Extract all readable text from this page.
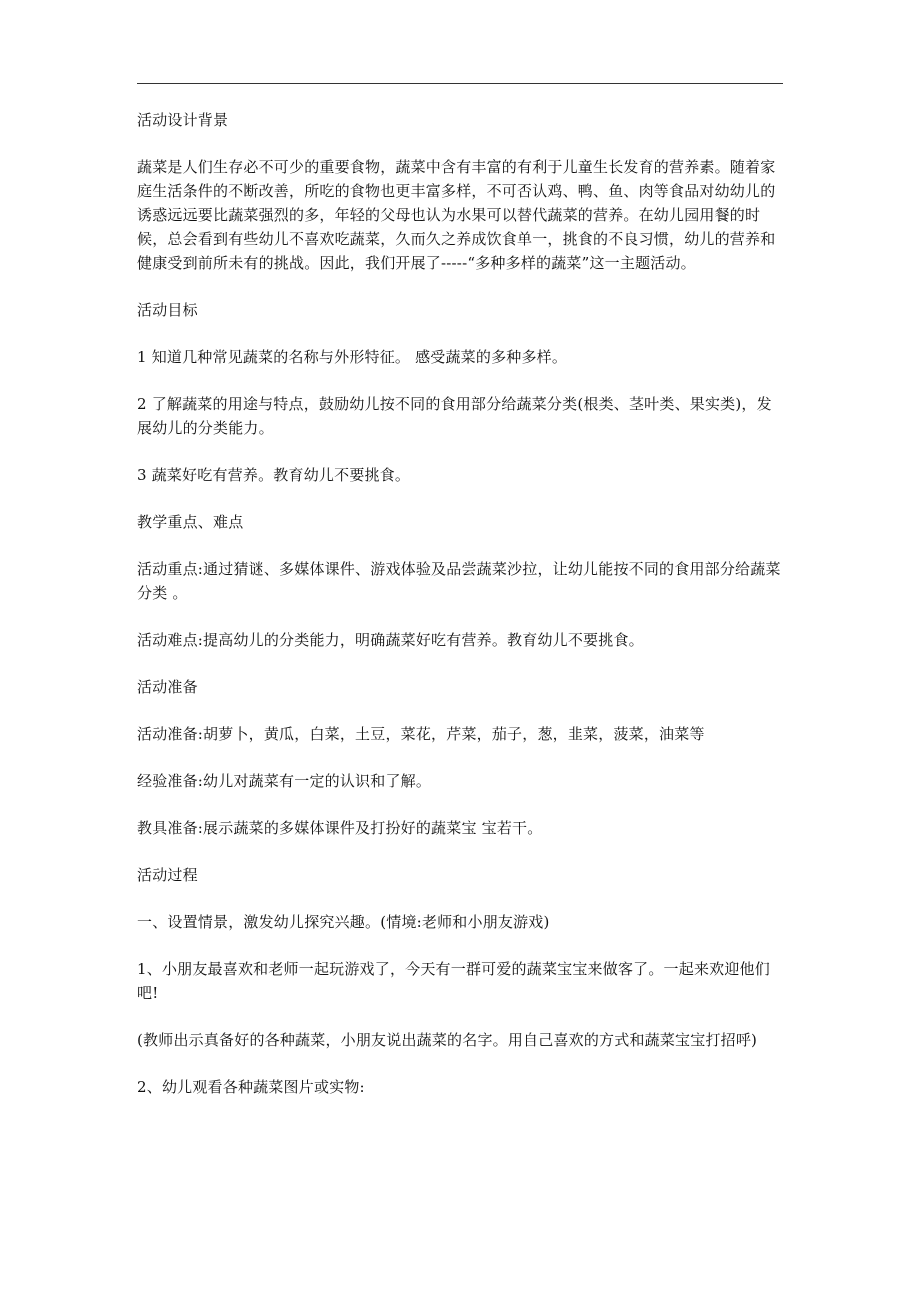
活动设计背景

蔬菜是人们生存必不可少的重要食物，蔬菜中含有丰富的有利于儿童生长发育的营养素。随着家庭生活条件的不断改善，所吃的食物也更丰富多样，不可否认鸡、鸭、鱼、肉等食品对幼幼儿的诱惑远远要比蔬菜强烈的多，年轻的父母也认为水果可以替代蔬菜的营养。在幼儿园用餐的时候，总会看到有些幼儿不喜欢吃蔬菜，久而久之养成饮食单一，挑食的不良习惯，幼儿的营养和健康受到前所未有的挑战。因此，我们开展了-----“多种多样的蔬菜”这一主题活动。

活动目标

1 知道几种常见蔬菜的名称与外形特征。 感受蔬菜的多种多样。

2 了解蔬菜的用途与特点，鼓励幼儿按不同的食用部分给蔬菜分类(根类、茎叶类、果实类)，发展幼儿的分类能力。

3 蔬菜好吃有营养。教育幼儿不要挑食。

教学重点、难点

活动重点:通过猜谜、多媒体课件、游戏体验及品尝蔬菜沙拉，让幼儿能按不同的食用部分给蔬菜分类 。

活动难点:提高幼儿的分类能力，明确蔬菜好吃有营养。教育幼儿不要挑食。

活动准备

活动准备:胡萝卜，黄瓜，白菜，土豆，菜花，芹菜，茄子，葱，韭菜，菠菜，油菜等

经验准备:幼儿对蔬菜有一定的认识和了解。

教具准备:展示蔬菜的多媒体课件及打扮好的蔬菜宝 宝若干。

活动过程

一、设置情景，激发幼儿探究兴趣。(情境:老师和小朋友游戏)

1、小朋友最喜欢和老师一起玩游戏了，今天有一群可爱的蔬菜宝宝来做客了。一起来欢迎他们吧!

(教师出示真备好的各种蔬菜，小朋友说出蔬菜的名字。用自己喜欢的方式和蔬菜宝宝打招呼)

2、幼儿观看各种蔬菜图片或实物:
